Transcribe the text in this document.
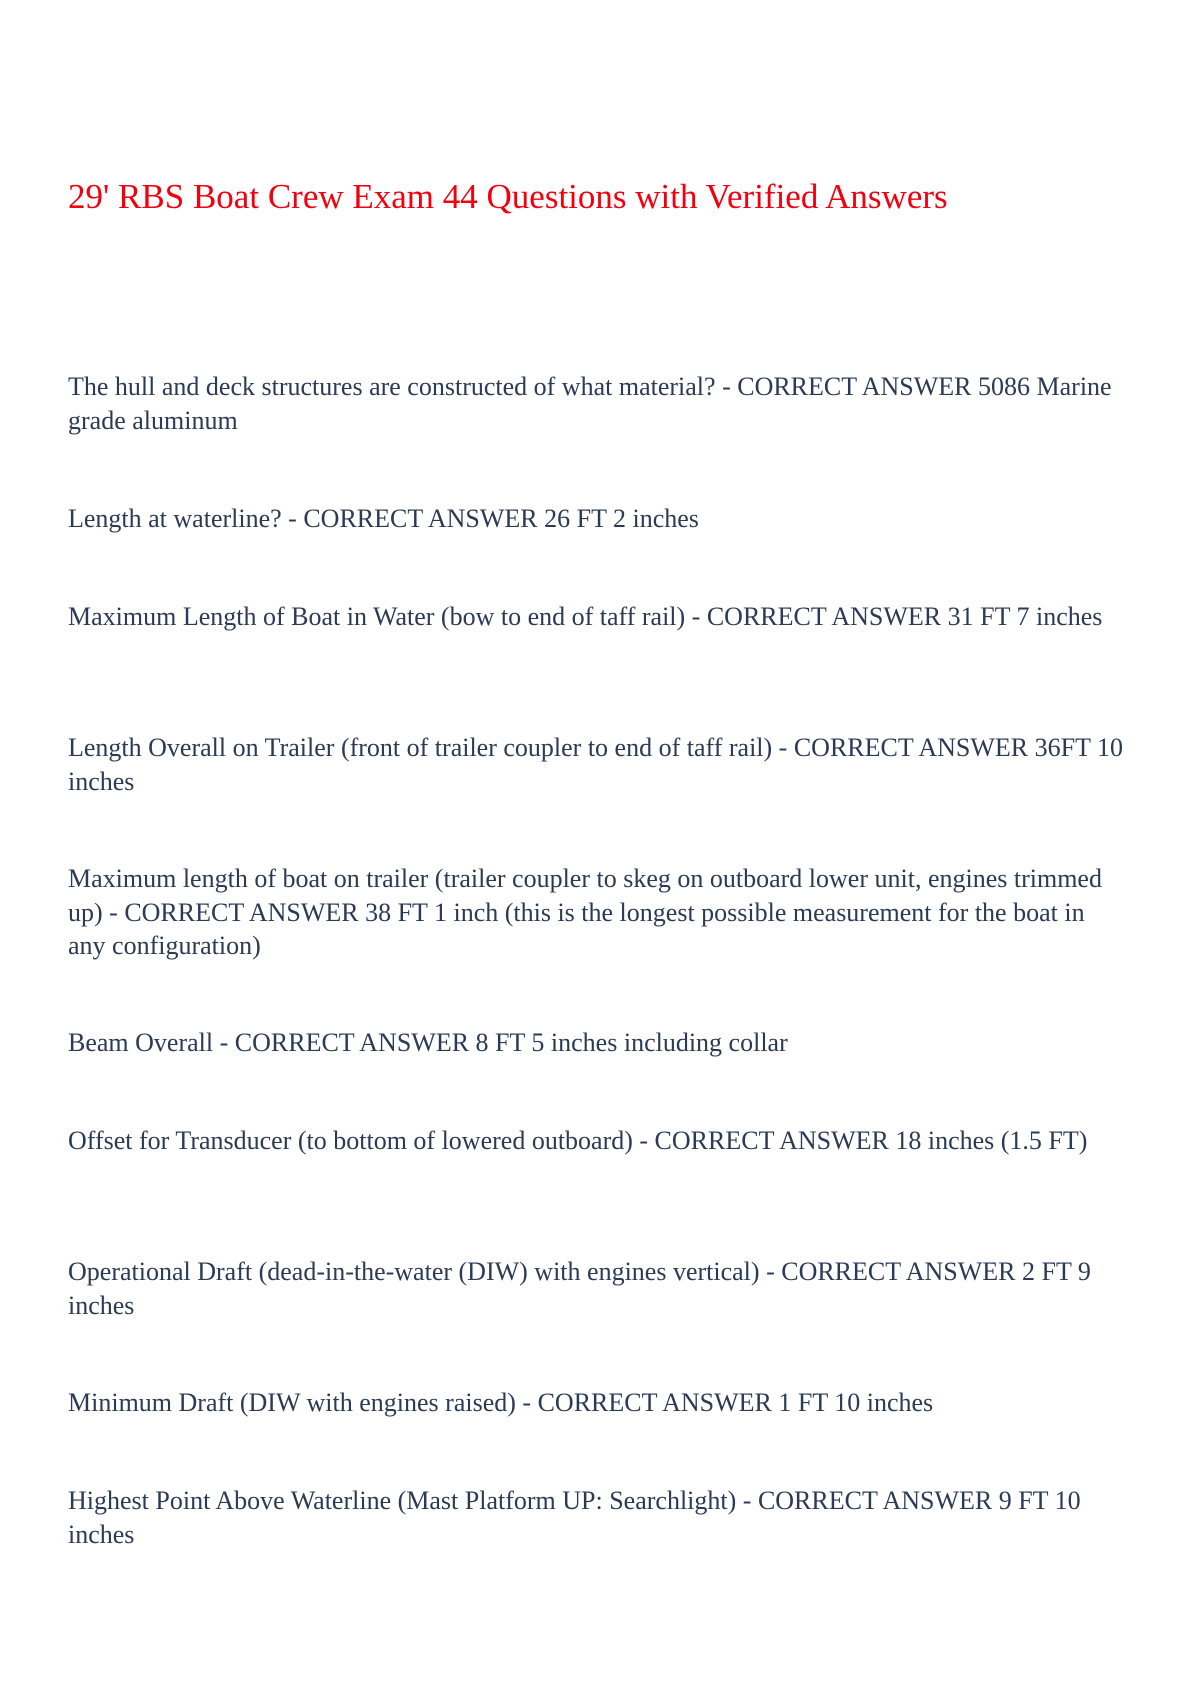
29' RBS Boat Crew Exam 44 Questions with Verified Answers
The hull and deck structures are constructed of what material? - CORRECT ANSWER 5086 Marine grade aluminum
Length at waterline? - CORRECT ANSWER 26 FT 2 inches
Maximum Length of Boat in Water (bow to end of taff rail) - CORRECT ANSWER 31 FT 7 inches
Length Overall on Trailer (front of trailer coupler to end of taff rail) - CORRECT ANSWER 36FT 10 inches
Maximum length of boat on trailer (trailer coupler to skeg on outboard lower unit, engines trimmed up) - CORRECT ANSWER 38 FT 1 inch (this is the longest possible measurement for the boat in any configuration)
Beam Overall - CORRECT ANSWER 8 FT 5 inches including collar
Offset for Transducer (to bottom of lowered outboard) - CORRECT ANSWER 18 inches (1.5 FT)
Operational Draft (dead-in-the-water (DIW) with engines vertical) - CORRECT ANSWER 2 FT 9 inches
Minimum Draft (DIW with engines raised) - CORRECT ANSWER 1 FT 10 inches
Highest Point Above Waterline (Mast Platform UP: Searchlight) - CORRECT ANSWER 9 FT 10 inches
